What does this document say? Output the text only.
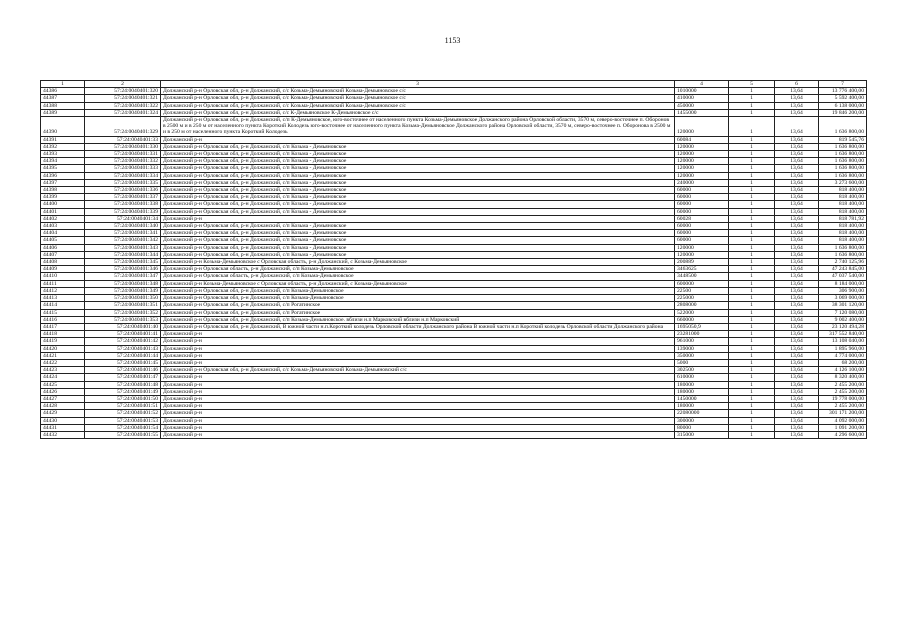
1153
1	2	3	4	5	6	7
44386	57:24:0040401:320	Должанский р-н Орловская обл, р-н Должанский, с/с Козьма-Демьяновский Козьма-Демьяновское с/с	1010000	1	13,64	13 776 400,00
44387	57:24:0040401:321	Должанский р-н Орловская обл, р-н Должанский, с/с Козьма-Демьяновский Козьма-Демьяновское с/с	410000	1	13,64	5 592 400,00
44388	57:24:0040401:322	Должанский р-н Орловская обл, р-н Должанский, с/с Козьма-Демьяновский Козьма-Демьяновское с/с	450000	1	13,64	6 138 000,00
44389	57:24:0040401:324	Должанский р-н Орловская обл, р-н Должанский, с/с К-Демьяновское К-Демьяновское с/с	1455000	1	13,64	19 846 200,00
44390	57:24:0040401:329	Должанский р-н Орловская обл, р-н Должанский, с/п К-Демьяновское, юго-восточнее от населенного пункта Козьма-Демьяновское Должанского района Орловской области, 3570 м, северо-восточнее п. Оборонов в 2500 м и в 250 м от населенного пункта Короткий Колодезь юго-восточнее от населенного пункта Козьма-Демьяновское Должанского района Орловской области, 3570 м, северо-восточнее п. Оборонова в 2500 м и в 250 м от населенного пункта Короткий Колодезь	120000	1	13,64	1 636 800,00
44391	57:24:0040401:33	Должанский р-н	60084	1	13,64	819 545,76
44392	57:24:0040401:330	Должанский р-н Орловская обл, р-н Должанский, с/п Козьма - Демьяновское	120000	1	13,64	1 636 800,00
44393	57:24:0040401:331	Должанский р-н Орловская обл, р-н Должанский, с/п Козьма - Демьяновское	120000	1	13,64	1 636 800,00
44394	57:24:0040401:332	Должанский р-н Орловская обл, р-н Должанский, с/п Козьма - Демьяновское	120000	1	13,64	1 636 800,00
44395	57:24:0040401:333	Должанский р-н Орловская обл, р-н Должанский, с/п Козьма - Демьяновское	120000	1	13,64	1 636 800,00
44396	57:24:0040401:334	Должанский р-н Орловская обл, р-н Должанский, с/п Козьма - Демьяновское	120000	1	13,64	1 636 800,00
44397	57:24:0040401:335	Должанский р-н Орловская обл, р-н Должанский, с/п Козьма - Демьяновское	240000	1	13,64	3 273 600,00
44398	57:24:0040401:336	Должанский р-н Орловская обл, р-н Должанский, с/п Козьма - Демьяновское	60000	1	13,64	818 400,00
44399	57:24:0040401:337	Должанский р-н Орловская обл, р-н Должанский, с/п Козьма - Демьяновское	60000	1	13,64	818 400,00
44400	57:24:0040401:338	Должанский р-н Орловская обл, р-н Должанский, с/п Козьма - Демьяновское	60000	1	13,64	818 400,00
44401	57:24:0040401:339	Должанский р-н Орловская обл, р-н Должанский, с/п Козьма - Демьяновское	60000	1	13,64	818 400,00
44402	57:24:0040401:34	Должанский р-н	60028	1	13,64	818 781,92
44403	57:24:0040401:340	Должанский р-н Орловская обл, р-н Должанский, с/п Козьма - Демьяновское	60000	1	13,64	818 400,00
44404	57:24:0040401:341	Должанский р-н Орловская обл, р-н Должанский, с/п Козьма - Демьяновское	60000	1	13,64	818 400,00
44405	57:24:0040401:342	Должанский р-н Орловская обл, р-н Должанский, с/п Козьма - Демьяновское	60000	1	13,64	818 400,00
44406	57:24:0040401:343	Должанский р-н Орловская обл, р-н Должанский, с/п Козьма - Демьяновское	120000	1	13,64	1 636 800,00
44407	57:24:0040401:344	Должанский р-н Орловская обл, р-н Должанский, с/п Козьма - Демьяновское	120000	1	13,64	1 636 800,00
44408	57:24:0040401:345	Должанский р-н Козьма-Демьяновское с Орловская область, р-н Должанский, с Козьма-Демьяновское	200889	1	13,64	2 740 125,96
44409	57:24:0040401:346	Должанский р-н Орловская область, р-н Должанский, с/п Козьма-Демьяновское	3463625	1	13,64	47 243 845,00
44410	57:24:0040401:347	Должанский р-н Орловская область, р-н Должанский, с/п Козьма-Демьяновское	3448500	1	13,64	47 037 540,00
44411	57:24:0040401:348	Должанский р-н Козьма-Демьяновское с Орловская область, р-н Должанский, с Козьма-Демьяновское	600000	1	13,64	8 184 000,00
44412	57:24:0040401:349	Должанский р-н Орловская обл, р-н Должанский, с/п Козьма-Демьяновское	22500	1	13,64	306 900,00
44413	57:24:0040401:350	Должанский р-н Орловская обл, р-н Должанский, с/п Козьма-Демьяновское	225000	1	13,64	3 069 000,00
44414	57:24:0040401:351	Должанский р-н Орловская обл, р-н Должанский, с/п Рогатинское	2808000	1	13,64	38 301 120,00
44415	57:24:0040401:352	Должанский р-н Орловская обл, р-н Должанский, с/п Рогатинское	522000	1	13,64	7 120 080,00
44416	57:24:0040401:353	Должанский р-н Орловская обл, р-н Должанский, с/п Козьма-Демьяновское. вблизи н.п Марковский вблизи н.п Марковский	660000	1	13,64	9 002 400,00
44417	57:24:0040401:40	Должанский р-н Орловская обл, р-н Должанский, В южной части н.п.Короткий колодезь Орловской области Должанского района В южной части н.п Короткий колодезь Орловской области Должанского района	1695050,9	1	13,64	23 120 494,28
44418	57:24:0040401:41	Должанский р-н	23281000	1	13,64	317 552 840,00
44419	57:24:0040401:42	Должанский р-н	961000	1	13,64	13 108 040,00
44420	57:24:0040401:43	Должанский р-н	139000	1	13,64	1 895 960,00
44421	57:24:0040401:44	Должанский р-н	350000	1	13,64	4 774 000,00
44422	57:24:0040401:45	Должанский р-н	5000	1	13,64	68 200,00
44423	57:24:0040401:46	Должанский р-н Орловская обл, р-н Должанский, с/с Козьма-Демьяновский Козьма-Демьяновский с/с	302500	1	13,64	4 126 100,00
44424	57:24:0040401:47	Должанский р-н	610000	1	13,64	8 320 400,00
44425	57:24:0040401:48	Должанский р-н	180000	1	13,64	2 455 200,00
44426	57:24:0040401:49	Должанский р-н	180000	1	13,64	2 455 200,00
44427	57:24:0040401:50	Должанский р-н	1450000	1	13,64	19 778 000,00
44428	57:24:0040401:51	Должанский р-н	180000	1	13,64	2 455 200,00
44429	57:24:0040401:52	Должанский р-н	22080000	1	13,64	301 171 200,00
44430	57:24:0040401:53	Должанский р-н	300000	1	13,64	4 092 000,00
44431	57:24:0040401:54	Должанский р-н	80000	1	13,64	1 091 200,00
44432	57:24:0040401:55	Должанский р-н	315000	1	13,64	4 296 600,00
